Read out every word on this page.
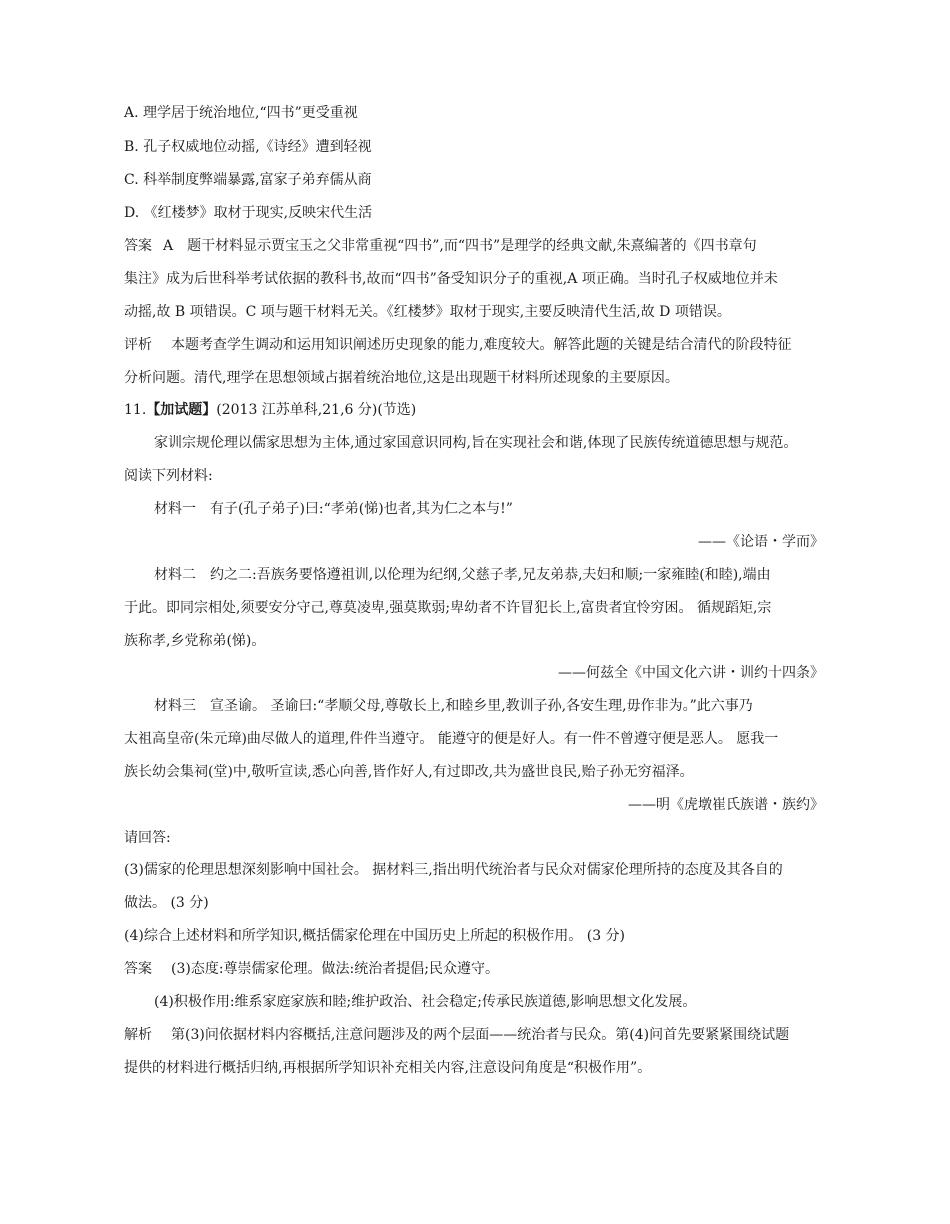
A. 理学居于统治地位,“四书”更受重视
B. 孔子权威地位动摇,《诗经》遭到轻视
C. 科举制度弊端暴露,富家子弟弃儒从商
D. 《红楼梦》取材于现实,反映宋代生活
答案 A　题干材料显示贾宝玉之父非常重视“四书”,而“四书”是理学的经典文献,朱熹编著的《四书章句
集注》成为后世科举考试依据的教科书,故而“四书”备受知识分子的重视,A 项正确。当时孔子权威地位并未
动摇,故 B 项错误。C 项与题干材料无关。《红楼梦》取材于现实,主要反映清代生活,故 D 项错误。
评析 本题考查学生调动和运用知识阐述历史现象的能力,难度较大。解答此题的关键是结合清代的阶段特征
分析问题。清代,理学在思想领域占据着统治地位,这是出现题干材料所述现象的主要原因。
11.【加试题】(2013 江苏单科,21,6 分)(节选)
家训宗规伦理以儒家思想为主体,通过家国意识同构,旨在实现社会和谐,体现了民族传统道德思想与规范。
阅读下列材料:
材料一　有子(孔子弟子)曰:“孝弟(悌)也者,其为仁之本与!”
——《论语・学而》
材料二　约之二:吾族务要恪遵祖训,以伦理为纪纲,父慈子孝,兄友弟恭,夫妇和顺;一家雍睦(和睦),端由
于此。即同宗相处,须要安分守己,尊莫凌卑,强莫欺弱;卑幼者不许冒犯长上,富贵者宜怜穷困。 循规蹈矩,宗
族称孝,乡党称弟(悌)。
——何兹全《中国文化六讲・训约十四条》
材料三　宣圣谕。 圣谕曰:“孝顺父母,尊敬长上,和睦乡里,教训子孙,各安生理,毋作非为。”此六事乃
太祖高皇帝(朱元璋)曲尽做人的道理,件件当遵守。 能遵守的便是好人。有一件不曾遵守便是恶人。 愿我一
族长幼会集祠(堂)中,敬听宣读,悉心向善,皆作好人,有过即改,共为盛世良民,贻子孙无穷福泽。
——明《虎墩崔氏族谱・族约》
请回答:
(3)儒家的伦理思想深刻影响中国社会。 据材料三,指出明代统治者与民众对儒家伦理所持的态度及其各自的
做法。 (3 分)
(4)综合上述材料和所学知识,概括儒家伦理在中国历史上所起的积极作用。 (3 分)
答案 (3)态度:尊崇儒家伦理。做法:统治者提倡;民众遵守。
(4)积极作用:维系家庭家族和睦;维护政治、社会稳定;传承民族道德,影响思想文化发展。
解析 第(3)问依据材料内容概括,注意问题涉及的两个层面——统治者与民众。第(4)问首先要紧紧围绕试题
提供的材料进行概括归纳,再根据所学知识补充相关内容,注意设问角度是“积极作用”。
